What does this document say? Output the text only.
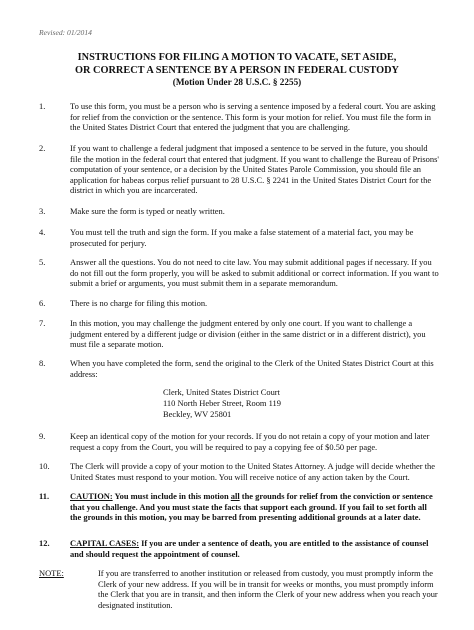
Revised: 01/2014
INSTRUCTIONS FOR FILING A MOTION TO VACATE, SET ASIDE,
OR CORRECT A SENTENCE BY A PERSON IN FEDERAL CUSTODY
(Motion Under 28 U.S.C. § 2255)
1.	To use this form, you must be a person who is serving a sentence imposed by a federal court. You are asking for relief from the conviction or the sentence. This form is your motion for relief. You must file the form in the United States District Court that entered the judgment that you are challenging.
2.	If you want to challenge a federal judgment that imposed a sentence to be served in the future, you should file the motion in the federal court that entered that judgment. If you want to challenge the Bureau of Prisons' computation of your sentence, or a decision by the United States Parole Commission, you should file an application for habeas corpus relief pursuant to 28 U.S.C. § 2241 in the United States District Court for the district in which you are incarcerated.
3.	Make sure the form is typed or neatly written.
4.	You must tell the truth and sign the form. If you make a false statement of a material fact, you may be prosecuted for perjury.
5.	Answer all the questions. You do not need to cite law. You may submit additional pages if necessary. If you do not fill out the form properly, you will be asked to submit additional or correct information. If you want to submit a brief or arguments, you must submit them in a separate memorandum.
6.	There is no charge for filing this motion.
7.	In this motion, you may challenge the judgment entered by only one court. If you want to challenge a judgment entered by a different judge or division (either in the same district or in a different district), you must file a separate motion.
8.	When you have completed the form, send the original to the Clerk of the United States District Court at this address:
Clerk, United States District Court
110 North Heber Street, Room 119
Beckley, WV 25801
9.	Keep an identical copy of the motion for your records. If you do not retain a copy of your motion and later request a copy from the Court, you will be required to pay a copying fee of $0.50 per page.
10. The Clerk will provide a copy of your motion to the United States Attorney. A judge will decide whether the United States must respond to your motion. You will receive notice of any action taken by the Court.
11. CAUTION: You must include in this motion all the grounds for relief from the conviction or sentence that you challenge. And you must state the facts that support each ground. If you fail to set forth all the grounds in this motion, you may be barred from presenting additional grounds at a later date.
12. CAPITAL CASES: If you are under a sentence of death, you are entitled to the assistance of counsel and should request the appointment of counsel.
NOTE:	If you are transferred to another institution or released from custody, you must promptly inform the Clerk of your new address. If you will be in transit for weeks or months, you must promptly inform the Clerk that you are in transit, and then inform the Clerk of your new address when you reach your designated institution.
